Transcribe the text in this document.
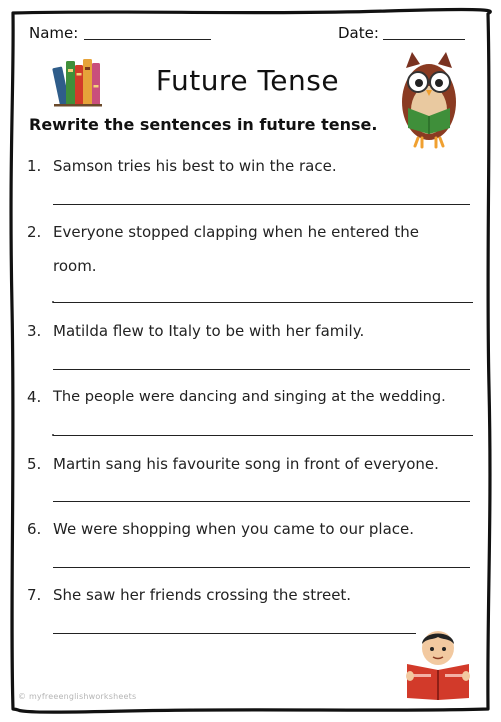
Name:	Date:
Future Tense
Rewrite the sentences in future tense.
1. Samson tries his best to win the race.
2. Everyone stopped clapping when he entered the
room.
3. Matilda flew to Italy to be with her family.
4. The people were dancing and singing at the wedding.
5. Martin sang his favourite song in front of everyone.
6. We were shopping when you came to our place.
7. She saw her friends crossing the street.
© myfreeenglishworksheets
